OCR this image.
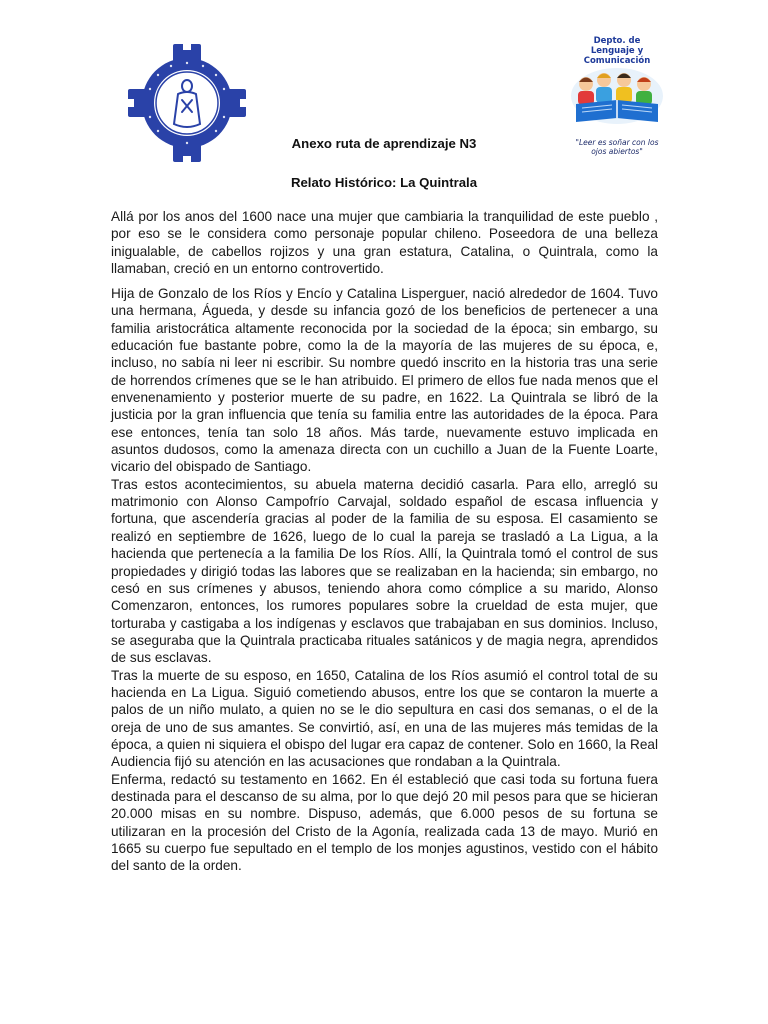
Depto. de
Lenguaje y
Comunicación
"Leer es soñar con los
ojos abiertos"
Anexo ruta de aprendizaje N3
Relato Histórico: La Quintrala
Allá por los anos del 1600 nace una mujer que cambiaria la tranquilidad de este pueblo , por eso se le considera como personaje popular chileno. Poseedora de una belleza inigualable, de cabellos rojizos y una gran estatura, Catalina, o Quintrala, como la llamaban, creció en un entorno controvertido.
Hija de Gonzalo de los Ríos y Encío y Catalina Lisperguer, nació alrededor de 1604. Tuvo una hermana, Águeda, y desde su infancia gozó de los beneficios de pertenecer a una familia aristocrática altamente reconocida por la sociedad de la época; sin embargo, su educación fue bastante pobre, como la de la mayoría de las mujeres de su época, e, incluso, no sabía ni leer ni escribir. Su nombre quedó inscrito en la historia tras una serie de horrendos crímenes que se le han atribuido. El primero de ellos fue nada menos que el envenenamiento y posterior muerte de su padre, en 1622. La Quintrala se libró de la justicia por la gran influencia que tenía su familia entre las autoridades de la época. Para ese entonces, tenía tan solo 18 años. Más tarde, nuevamente estuvo implicada en asuntos dudosos, como la amenaza directa con un cuchillo a Juan de la Fuente Loarte, vicario del obispado de Santiago.
Tras estos acontecimientos, su abuela materna decidió casarla. Para ello, arregló su matrimonio con Alonso Campofrío Carvajal, soldado español de escasa influencia y fortuna, que ascendería gracias al poder de la familia de su esposa. El casamiento se realizó en septiembre de 1626, luego de lo cual la pareja se trasladó a La Ligua, a la hacienda que pertenecía a la familia De los Ríos. Allí, la Quintrala tomó el control de sus propiedades y dirigió todas las labores que se realizaban en la hacienda; sin embargo, no cesó en sus crímenes y abusos, teniendo ahora como cómplice a su marido, Alonso Comenzaron, entonces, los rumores populares sobre la crueldad de esta mujer, que torturaba y castigaba a los indígenas y esclavos que trabajaban en sus dominios. Incluso, se aseguraba que la Quintrala practicaba rituales satánicos y de magia negra, aprendidos de sus esclavas.
Tras la muerte de su esposo, en 1650, Catalina de los Ríos asumió el control total de su hacienda en La Ligua. Siguió cometiendo abusos, entre los que se contaron la muerte a palos de un niño mulato, a quien no se le dio sepultura en casi dos semanas, o el de la oreja de uno de sus amantes. Se convirtió, así, en una de las mujeres más temidas de la época, a quien ni siquiera el obispo del lugar era capaz de contener. Solo en 1660, la Real Audiencia fijó su atención en las acusaciones que rondaban a la Quintrala.
Enferma, redactó su testamento en 1662. En él estableció que casi toda su fortuna fuera destinada para el descanso de su alma, por lo que dejó 20 mil pesos para que se hicieran 20.000 misas en su nombre. Dispuso, además, que 6.000 pesos de su fortuna se utilizaran en la procesión del Cristo de la Agonía, realizada cada 13 de mayo. Murió en 1665 su cuerpo fue sepultado en el templo de los monjes agustinos, vestido con el hábito del santo de la orden.
